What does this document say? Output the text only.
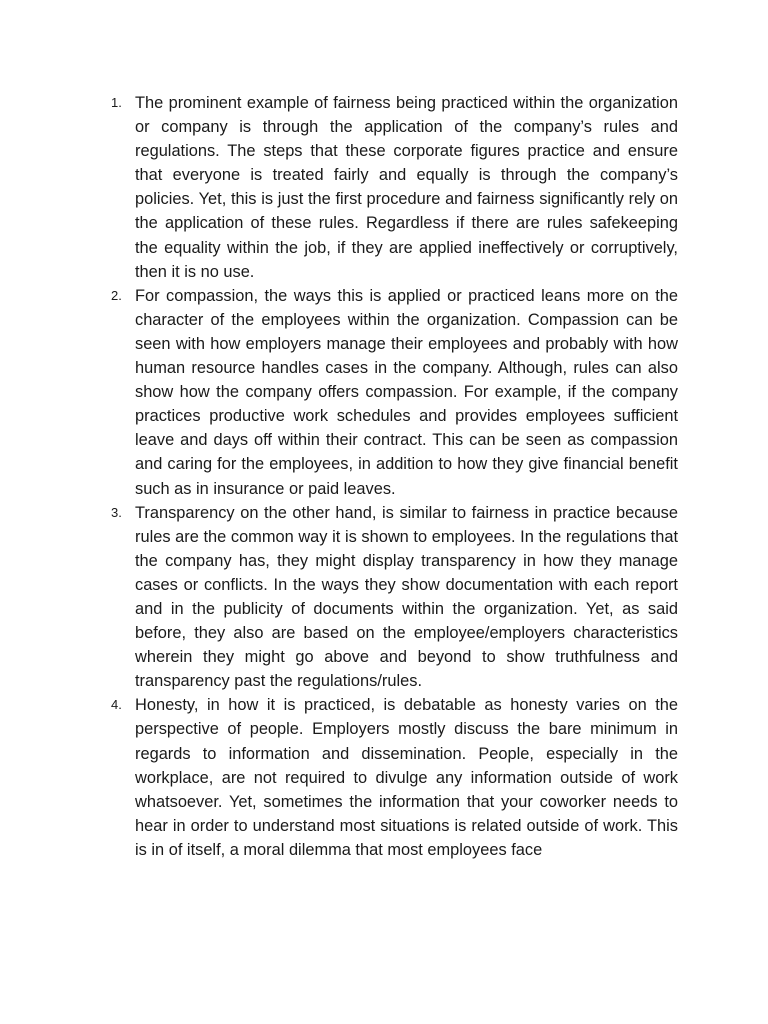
1. The prominent example of fairness being practiced within the organization or company is through the application of the company’s rules and regulations. The steps that these corporate figures practice and ensure that everyone is treated fairly and equally is through the company’s policies. Yet, this is just the first procedure and fairness significantly rely on the application of these rules. Regardless if there are rules safekeeping the equality within the job, if they are applied ineffectively or corruptively, then it is no use.
2. For compassion, the ways this is applied or practiced leans more on the character of the employees within the organization. Compassion can be seen with how employers manage their employees and probably with how human resource handles cases in the company. Although, rules can also show how the company offers compassion. For example, if the company practices productive work schedules and provides employees sufficient leave and days off within their contract. This can be seen as compassion and caring for the employees, in addition to how they give financial benefit such as in insurance or paid leaves.
3. Transparency on the other hand, is similar to fairness in practice because rules are the common way it is shown to employees. In the regulations that the company has, they might display transparency in how they manage cases or conflicts. In the ways they show documentation with each report and in the publicity of documents within the organization. Yet, as said before, they also are based on the employee/employers characteristics wherein they might go above and beyond to show truthfulness and transparency past the regulations/rules.
4. Honesty, in how it is practiced, is debatable as honesty varies on the perspective of people. Employers mostly discuss the bare minimum in regards to information and dissemination. People, especially in the workplace, are not required to divulge any information outside of work whatsoever. Yet, sometimes the information that your coworker needs to hear in order to understand most situations is related outside of work. This is in of itself, a moral dilemma that most employees face
